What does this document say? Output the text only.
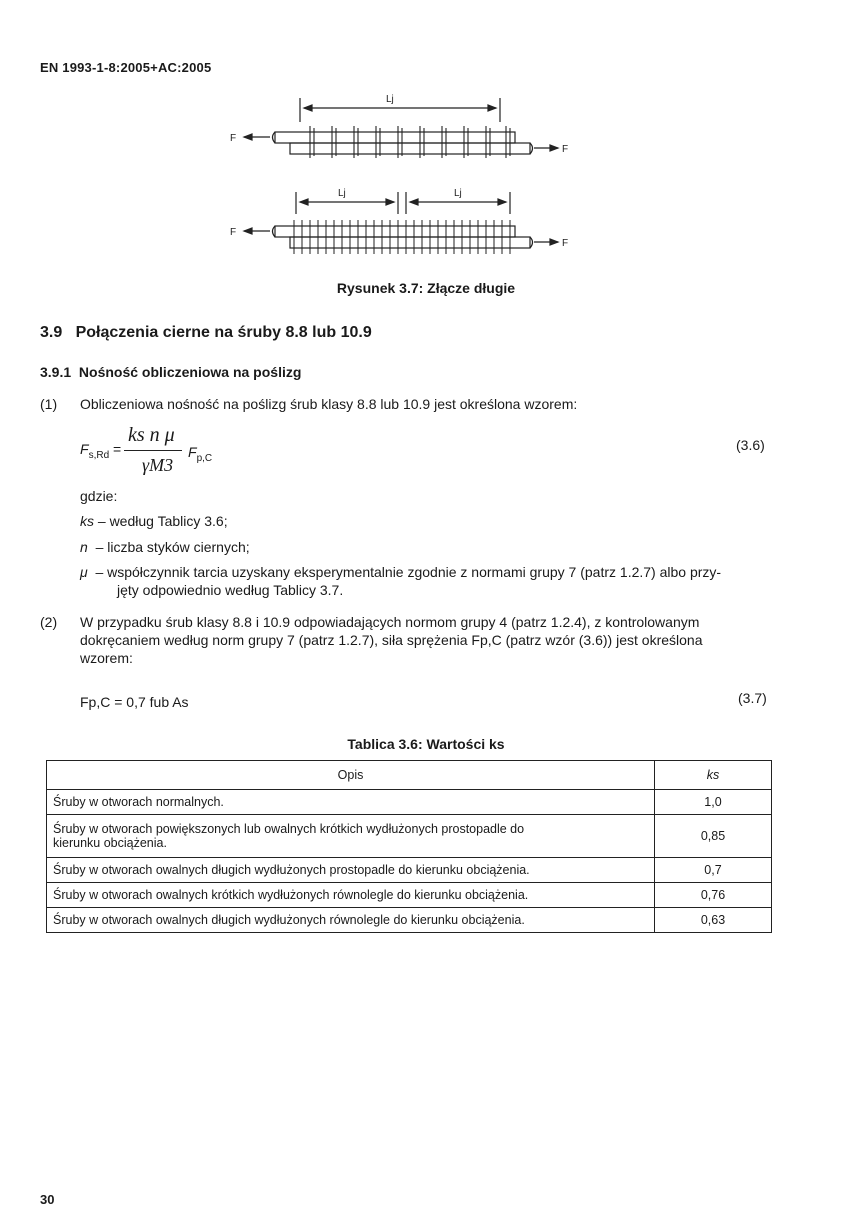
EN 1993-1-8:2005+AC:2005
Lj
F
F
Lj	Lj
F
F
Rysunek 3.7: Złącze długie
3.9 Połączenia cierne na śruby 8.8 lub 10.9
3.9.1 Nośność obliczeniowa na poślizg
(1) Obliczeniowa nośność na poślizg śrub klasy 8.8 lub 10.9 jest określona wzorem:
$F_{s,Rd}$ =
ks n μ
γM3
$F_{p,C}$
(3.6)
gdzie:
ks – według Tablicy 3.6;
n – liczba styków ciernych;
μ – współczynnik tarcia uzyskany eksperymentalnie zgodnie z normami grupy 7 (patrz 1.2.7) albo przy-
jęty odpowiednio według Tablicy 3.7.
(2) W przypadku śrub klasy 8.8 i 10.9 odpowiadających normom grupy 4 (patrz 1.2.4), z kontrolowanym
dokręcaniem według norm grupy 7 (patrz 1.2.7), siła sprężenia Fp,C (patrz wzór (3.6)) jest określona
wzorem:
Fp,C = 0,7 fub As	(3.7)
Tablica 3.6: Wartości ks
Opis	ks
Śruby w otworach normalnych.	1,0
Śruby w otworach powiększonych lub owalnych krótkich wydłużonych prostopadle do kierunku obciążenia.	0,85
Śruby w otworach owalnych długich wydłużonych prostopadle do kierunku obciążenia.	0,7
Śruby w otworach owalnych krótkich wydłużonych równolegle do kierunku obciążenia.	0,76
Śruby w otworach owalnych długich wydłużonych równolegle do kierunku obciążenia.	0,63
30
